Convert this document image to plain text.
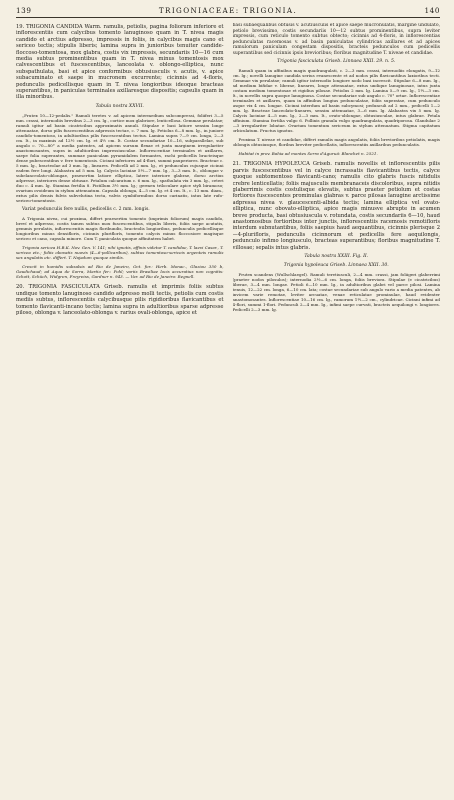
139	TRIGONIACEAE: TRIGONIA.	140

19. TRIGONIA CANDIDA Warm. ramulis, petiolis, pagina foliorum inferiore et inflorescentiis cum calycibus tomento lanuginoso quam in T. nivea magis candido et arctius adpresso, impressis in foliis, in calycibus magis cano et sericeo tectis; stipulis liberis; lamina supra in junioribus tenuiter candide-floccoso-tomentosa, mox glabra, costis vix impressis, secundariis 10—16 cum media subtus prominentibus quam in T. nivea minus tomentosis mox calvescentibus et fuscescentibus, lanceolata v. oblongo-elliptica, nunc subspathulata, basi et apice conformibus obtusiusculis v. acutis, v. apice subacuminato et saepe in mucronem excurrente; cicinnis ad 4-floris, pedunculis pedicellisque quam in T. nivea longioribus ideoque bracteas superantibus, in paniculas terminales axillaresque dispositis; capsulis quam in illa minoribus.

Tabula nostra XXVII.

„Frutex 10—12-pedalis." Ramuli teretes v. ad apicem intermedium subcompressi, foliiferi 3—5 mm. crassi, internodiis brevibus 2—3 cm. lg., cortice mox glabriore, lenticellosa. Gemmae perulatae; ramuli igitur ad basin cicatricibus approximatis annuli. Stipulae e basi latiore sensim longe attenuatae, dorso pilis fuscescentibus adpressis tectae, c. 7 mm. lg. Petiolus 6—8 mm. lg., in juniore candido-tomentoso, in adultioribus pilis fuscescentibus tectus. Lamina supra 7—9 cm. longa, 2—3 cm. lt., in maximis ad 12½ cm. lg. et 4½ cm. lt. Costae secundariae 10—16, subparallelae, sub angulo c. 70—80° a media patentes, ad apicem sursum flexae et juxta marginem irregulariter anastomosantes, supra in adultioribus impressiusculae. Inflorescentiae terminales et axillares, saepe folia superantes, summae paniculam pyramidalem formantes, rachi pedicellis bracteisque dense pubescentibus v. fere tomentosis. Cicinni inferiores ad 4-flori, summi pauperiores. Bracteae c. 5 mm. lg., bracteolae ad 3 mm. lg., lineares. Pedicelli ad 2 mm. lg., et pedunculus cujusque cicinni eadem fere longi. Alabastra ad 5 mm. lg. Calycis laciniae 5½—7 mm. lg., 3—3 mm. lt., oblongae v. subelanceolato-oblongae, praesertim latiore elliptica, latere interiore glabrae, dorso arctius adpresse, interiores dense obtusae. Petalum calcaratum c. 6 mm. lg., spathulata vix 3 mm. lg., ceteri duo c. 4 mm. lg. Stamina fertilia 8. Pistillum 3½ mm. lg.; germen triloculare apice styli biramoso; ovarium ovoideum in stylum attenuatum. Capsula oblonga, 4—5 cm. lg. et 4 cm. lt., c. 13 mm. diam., extus pilis densis fulvis subvelutina tecta, valvis cymbiformibus dorso carinatis, intus late rufo-sericeo-tomentosis.

Varíat pedunculis fere nullis, pedicellis c. 2 mm. longis.

A Trigonia nivea, cui proxima, differt praesertim tomento (imprimis foliorum) magis candido, breví et adpresso, costis tamen subtus mox fuscescentibus, stipulis liberis, foliis saepe acutatis, gemmis perulatis, inflorescentiis magis floribundis, bracteolis longioribus, pedunculis pedicellisque longioribus minus densifloris, cicinnis pluriflorís, tomento calycis minus floccosiore magisque sericeo et cano, capsula minore. Cum T. paniculata quoque affinitatem habet.

Trigonia sericea H.B.K. Nov. Gen. V. 141; nihi ignotis, affinis videtur T. candidae, T. laevi Casar., T. sericea etc.; foliis obovatis nuovis (4—6-pollicaribus), subtus tomentoso-sericeis argenteis ramulis sex angulatis etc. differt. T. Najadum quoque similis.

Crescit in humidis subsalsis ad Rio de Janeiro, Oct. for.: Herb. Monac., Glaziou 350 b, Gaudichaud; ad Aqua de Sorra, Martio fer.: Pohl; variis Brasiliae locis accuratius non cognitis: Schott, Schüch, Widgren, Freyreiss, Gardner n. 943. — Var. ad Rio de Janeiro: Regnell.

20. TRIGONIA FASCICULATA Griseb. ramulis et imprimis foliis subtus undique tomento lanuginoso candido adpresso molli tectis, petiolis cum costis mediis subtus, inflorescentiis calycibusque pilis rigidioribus flavicantibus et tomento flavicanti-incano tectis; lamina supra in adultioribus sparse adpresse piloso, oblonga v. lanceolato-oblonga v. rarius ovali-oblonga, apice et

basi subaequalibus obtusis v. acutiusculis et apice saepe mucronulatis, margine undulato, petiolo brevissimo, costis secundariis 10—12 subtus prominentibus, supra leviter impressis, cum reticulo tomento subtus obtecto; cicinnis ad 4-floris, in inflorescentias pedunculatas racemosas v. ad basin paniculatas cylindricas axillares et ad apices ramulorum paniculam congestam dispositis, bracteis pedunculos cum pedicellis superantibus sed cicinnis ipsis brevioribus; floribus magnitudine T. niveae et candidae.

Trigonia fasciculata Griseb. Linnaea XXII. 29. n. 5.

Ramuli quam in affinibus magis quadrangulati, c. 2—3 mm. crassi, internodiis elongatis, 9—12 cm. lg.; novelli lanugine candida serius evanescente et ad nodos pilis flavicantibus laxioribus tecti. Gemmae vix perulatae; ramuli igitur internodio longiore nodo basi increscit. Stipulae 6—8 mm. lg., ad medium bifidae v. liberae, lineares, longe attenuatae, extus undique lanuginosae, intus juxta costam medium tomentosae et rigidius pilosae. Petiolus 2 mm. lg. Lamina 5—9 cm. lg., 1½—3 cm. lt., in novellis supra quoque lanuginosa. Costae secundariae sub angulo c. 70° ortae. Inflorescentiae terminales et axillares, quam in affinibus longius pedunculatae, foliis superatae, cum pedunculo usque vix 4 cm. longae. Cicinni interdum ad basin subcymosi; pedunculi ad 2 mm., pedicelli 1—2 mm. lg. Bracteae lanceolato-lineares, sensim attenuatae, 3—6 mm. lg. Alabastra vix 5 mm. lg. Calycis laciniae 4—5 mm. lg., 2—3 mm. lt., ovato-oblongae, obtusiusculae, intus glabrae. Petala affinium. Stamina fertilia vulgo 6. Pollinis granula vulgo quadrangulata, quadriporosa. Glandulae 2—3 irregulariter lobatae. Ovarium tomentum sericeum in stylum attenuatum. Stigma capitatum orbiculatum. Fructus ignotus.

Proxima T. niveae et candidae, differt ramulis magis angulatis, foliis brevioribus petiolatis, magis oblongis obtusiusque, floribus breviter pedicellatis, inflorescentiis axillaribus pedunculatis.

Habitat in prov. Bahia ad montes Serra d'Aguruá: Blanchet n. 2521.

21. TRIGONIA HYPOLEUCA Griseb. ramulis novellis et inflorescentiis pilis parvis fuscescentibus vel in calyce incrassatis flavicantibus tectis, calyce quoque subtomentoso flavicanti-cano; ramulis cito glabris fuscis nitidulis crebre lenticellatis; foliis majusculis membranaceis discoloribus, supra nitidis glaberrimis costis costulisque elevatis, subtus praeter petiolum et costas fortiores fuscescentes prominulas glabras v. parce pilosas lanugine arctissime adpressa nivea v. glaucescenti-albida tectis; lamina elliptica vel ovato-elliptica, nunc obovato-elliptica, apice magis minusve abrupte in acumen breve producta, basi obtusiuscula v. rotundata, costis secundariis 6—10, haud anastomosibus fortioribus inter junctis, inflorescentiis racemosis remotifloris interdum subnutantibus, foliis saepius haud aequantibus, cicinnis plerisque 2—4-plurifloris, pedunculis cicinnorum et pedicellis fere aequilongis, pedunculo infimo longiusculo, bracteas superantibus; floribus magnitudine T. villosae; sepalis intus glabris.

Tabula nostra XXIII. Fig. II.

Trigonia hypoleuca Griseb. Linnaea XXII. 30.

Frutex scandens (Wullschlaegel). Ramuli teretiusculi, 2—4 mm. crassi, jam foliigeri glaberrimi (praeter nodos pilosulos); internodia 2½—6 cm. longa, foliis breviora. Stipulae (e cicatricibus) liberae, 3—4 mm. longae. Petioli 6—10 mm. lg., in adultioribus glabri vel parce pilosi. Lamina tenuis, 12—22 cm. longa, 6—10 cm. lata; costae secundariae sub angulo vario a media patentes, ab invicem varie remotae, leviter arcuatae, venae reticulatae prominulae, haud evidenter anastomosantes. Inflorescentiae 10—16 cm. lg., ramorum 1½—2 cm., cylindricae. Cicinni infimi ad 4-flori, summi 1-flori. Pedunculi 2—4 mm. lg., infimi saepe curvati, bracteis aequilongi v. longiores. Pedicelli 2—3 mm. lg.
